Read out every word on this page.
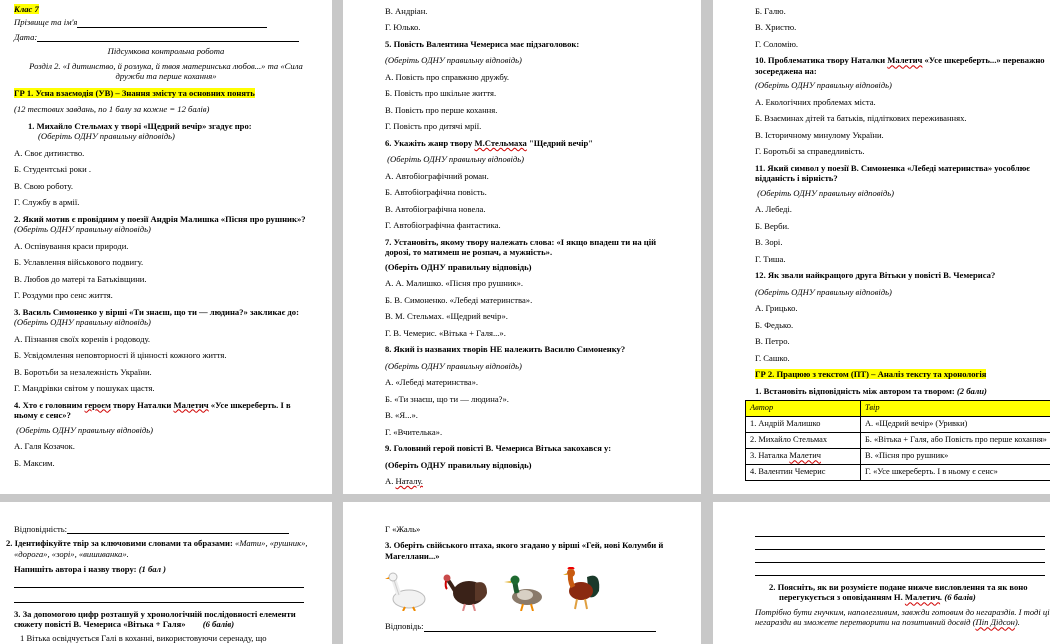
Клас 7
Прізвище та ім'я
Дата:
Підсумкова контрольна робота
Розділ 2. «І дитинство, й розлука, й твоя материнська любов...» та «Сила
дружби та перше кохання»
ГР 1. Усна взаємодія (УВ) – Знання змісту та основних понять
(12 тестових завдань, по 1 балу за кожне = 12 балів)
1. Михайло Стельмах у творі «Щедрий вечір» згадує про:
(Оберіть ОДНУ правильну відповідь)
А. Своє дитинство.
Б. Студентські роки .
В. Свою роботу.
Г. Службу в армії.
2. Який мотив є провідним у поезії Андрія Малишка «Пісня про рушник»?
(Оберіть ОДНУ правильну відповідь)
А. Оспівування краси природи.
Б. Уславлення військового подвигу.
В. Любов до матері та Батьківщини.
Г. Роздуми про сенс життя.
3. Василь Симоненко у вірші «Ти знаєш, що ти — людина?» закликає до:
(Оберіть ОДНУ правильну відповідь)
А. Пізнання своїх коренів і родоводу.
Б. Усвідомлення неповторності й цінності кожного життя.
В. Боротьби за незалежність України.
Г. Мандрівки світом у пошуках щастя.
4. Хто є головним героєм твору Наталки Малетич «Усе шкереберть. І в
ньому є сенс»?
(Оберіть ОДНУ правильну відповідь)
А. Галя Козачок.
Б. Максим.
В. Андріан.
Г. Юлько.
5. Повість Валентина Чемериса має підзаголовок:
(Оберіть ОДНУ правильну відповідь)
А. Повість про справжню дружбу.
Б. Повість про шкільне життя.
В. Повість про перше кохання.
Г. Повість про дитячі мрії.
6. Укажіть жанр твору М.Стельмаха "Щедрий вечір"
(Оберіть ОДНУ правильну відповідь)
А. Автобіографічний роман.
Б. Автобіографічна повість.
В. Автобіографічна новела.
Г. Автобіографічна фантастика.
7. Установіть, якому твору належать слова: «І якщо впадеш ти на цій
дорозі, то матимеш не розпач, а мужність».
(Оберіть ОДНУ правильну відповідь)
А. А. Малишко. «Пісня про рушник».
Б. В. Симоненко. «Лебеді материнства».
В. М. Стельмах. «Щедрий вечір».
Г. В. Чемерис. «Вітька + Галя...».
8. Який із названих творів НЕ належить Василю Симоненку?
(Оберіть ОДНУ правильну відповідь)
А. «Лебеді материнства».
Б. «Ти знаєш, що ти — людина?».
В. «Я...».
Г. «Вчителька».
9. Головний герой повісті В. Чемериса Вітька закохався у:
(Оберіть ОДНУ правильну відповідь)
А. Наталу.
Б. Галю.
В. Христю.
Г. Соломію.
10. Проблематика твору Наталки Малетич «Усе шкереберть...» переважно
зосереджена на:
(Оберіть ОДНУ правильну відповідь)
А. Екологічних проблемах міста.
Б. Взаєминах дітей та батьків, підліткових переживаннях.
В. Історичному минулому України.
Г. Боротьбі за справедливість.
11. Який символ у поезії В. Симоненка «Лебеді материнства» уособлює
відданість і вірність?
(Оберіть ОДНУ правильну відповідь)
А. Лебеді.
Б. Верби.
В. Зорі.
Г. Тиша.
12. Як звали найкращого друга Вітьки у повісті В. Чемериса?
(Оберіть ОДНУ правильну відповідь)
А. Грицько.
Б. Федько.
В. Петро.
Г. Сашко.
ГР 2. Працюю з текстом (ПТ) – Аналіз тексту та хронологія
1. Встановіть відповідність між автором та твором: (2 бали)
Автор	Твір
1. Андрій Малишко	А. «Щедрий вечір» (Уривки)
2. Михайло Стельмах	Б. «Вітька + Галя, або Повість про перше кохання»
3. Наталка Малетич	В. «Пісня про рушник»
4. Валентин Чемерис	Г. «Усе шкереберть. І в ньому є сенс»
Відповідність:
2. Ідентифікуйте твір за ключовими словами та образами: «Мати», «рушник»,
«дорога», «зорі», «вишиванка».
Напишіть автора і назву твору: (1 бал )
3. За допомогою цифр розташуй у хронологічній послідовності елементи
сюжету повісті В. Чемериса «Вітька + Галя» (6 балів)
1 Вітька освідчується Галі в коханні, використовуючи серенаду, що
Г «Жаль»
3. Оберіть свійського птаха, якого згадано у вірші «Гей, нові Колумби й
Магеллани...»
Відповідь:
2. Поясніть, як ви розумієте подане нижче висловлення та як воно
перегукується з оповіданням Н. Малетич. (6 балів)
Потрібно бути гнучким, наполегливим, завжди готовим до негараздів. І тоді ці
негаразди ви зможете перетворити на позитивний досвід (Піп Дідсон).
